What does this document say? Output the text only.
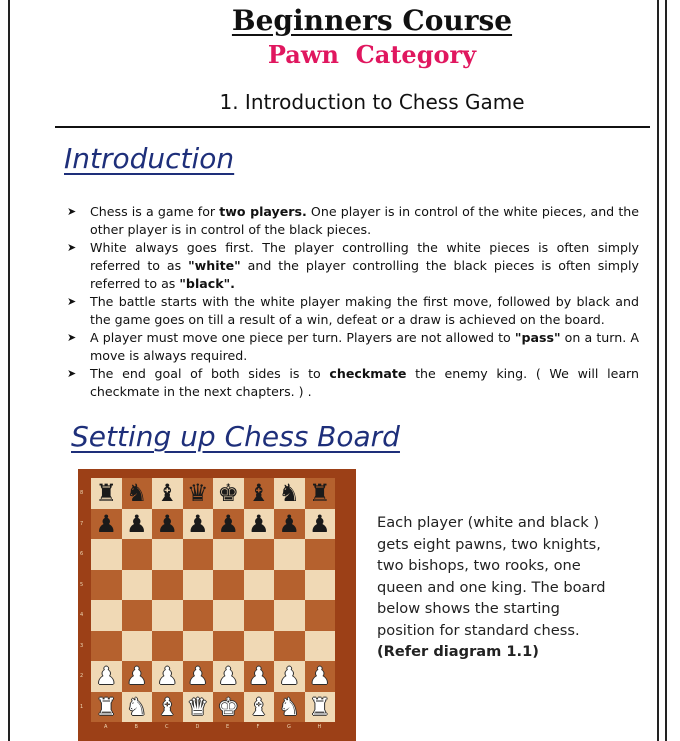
Beginners Course
Pawn  Category
1. Introduction to Chess Game
Introduction
➤ Chess is a game for two players. One player is in control of the white pieces, and the other player is in control of the black pieces.
➤ White always goes first. The player controlling the white pieces is often simply referred to as "white" and the player controlling the black pieces is often simply referred to as "black".
➤ The battle starts with the white player making the first move, followed by black and the game goes on till a result of a win, defeat or a draw is achieved on the board.
➤ A player must move one piece per turn. Players are not allowed to "pass" on a turn. A move is always required.
➤ The end goal of both sides is to checkmate the enemy king. ( We will learn checkmate in the next chapters. ) .
Setting up Chess Board
♜ ♞ ♝ ♛ ♚ ♝ ♞ ♜
8
♟ ♟ ♟ ♟ ♟ ♟ ♟ ♟
7
6
5
4
3
♟ ♟ ♟ ♟ ♟ ♟ ♟ ♟
2
♜ ♞ ♝ ♛ ♚ ♝ ♞ ♜
1
A	B	C	D	E	F	G	H
Each player (white and black ) gets eight pawns, two knights, two bishops, two rooks, one queen and one king. The board below shows the starting position for standard chess. (Refer diagram 1.1)
